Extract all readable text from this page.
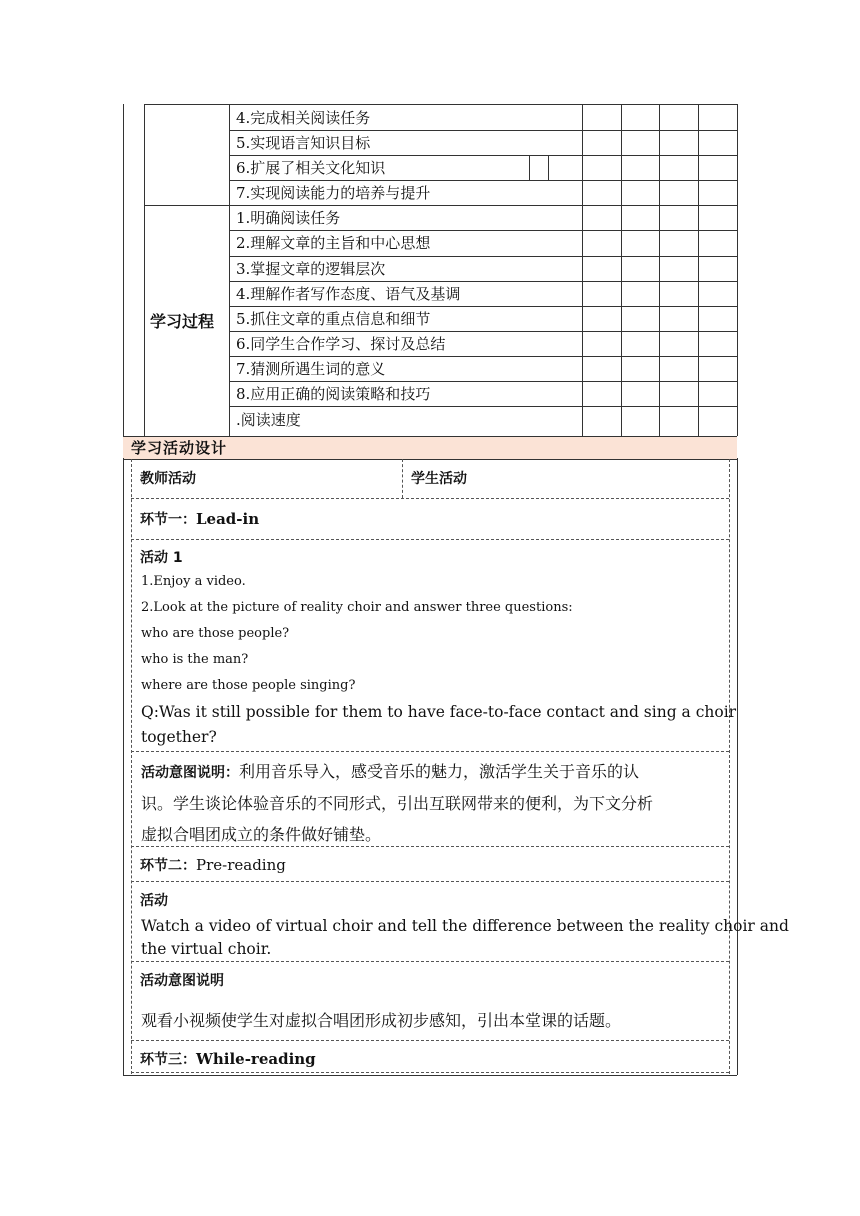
4.完成相关阅读任务
5.实现语言知识目标
6.扩展了相关文化知识
7.实现阅读能力的培养与提升
1.明确阅读任务
2.理解文章的主旨和中心思想
3.掌握文章的逻辑层次
4.理解作者写作态度、语气及基调
5.抓住文章的重点信息和细节
6.同学生合作学习、探讨及总结
7.猜测所遇生词的意义
8.应用正确的阅读策略和技巧
.阅读速度
学习过程
学习活动设计
教师活动	学生活动
环节一：Lead-in
活动 1
1.Enjoy a video.
2.Look at the picture of reality choir and answer three questions:
who are those people?
who is the man?
where are those people singing?
Q:Was it still possible for them to have face-to-face contact and sing a choir
together?
活动意图说明：利用音乐导入，感受音乐的魅力，激活学生关于音乐的认
识。学生谈论体验音乐的不同形式，引出互联网带来的便利，为下文分析
虚拟合唱团成立的条件做好铺垫。
环节二：Pre-reading
活动
Watch a video of virtual choir and tell the difference between the reality choir and
the virtual choir.
活动意图说明
观看小视频使学生对虚拟合唱团形成初步感知，引出本堂课的话题。
环节三：While-reading
